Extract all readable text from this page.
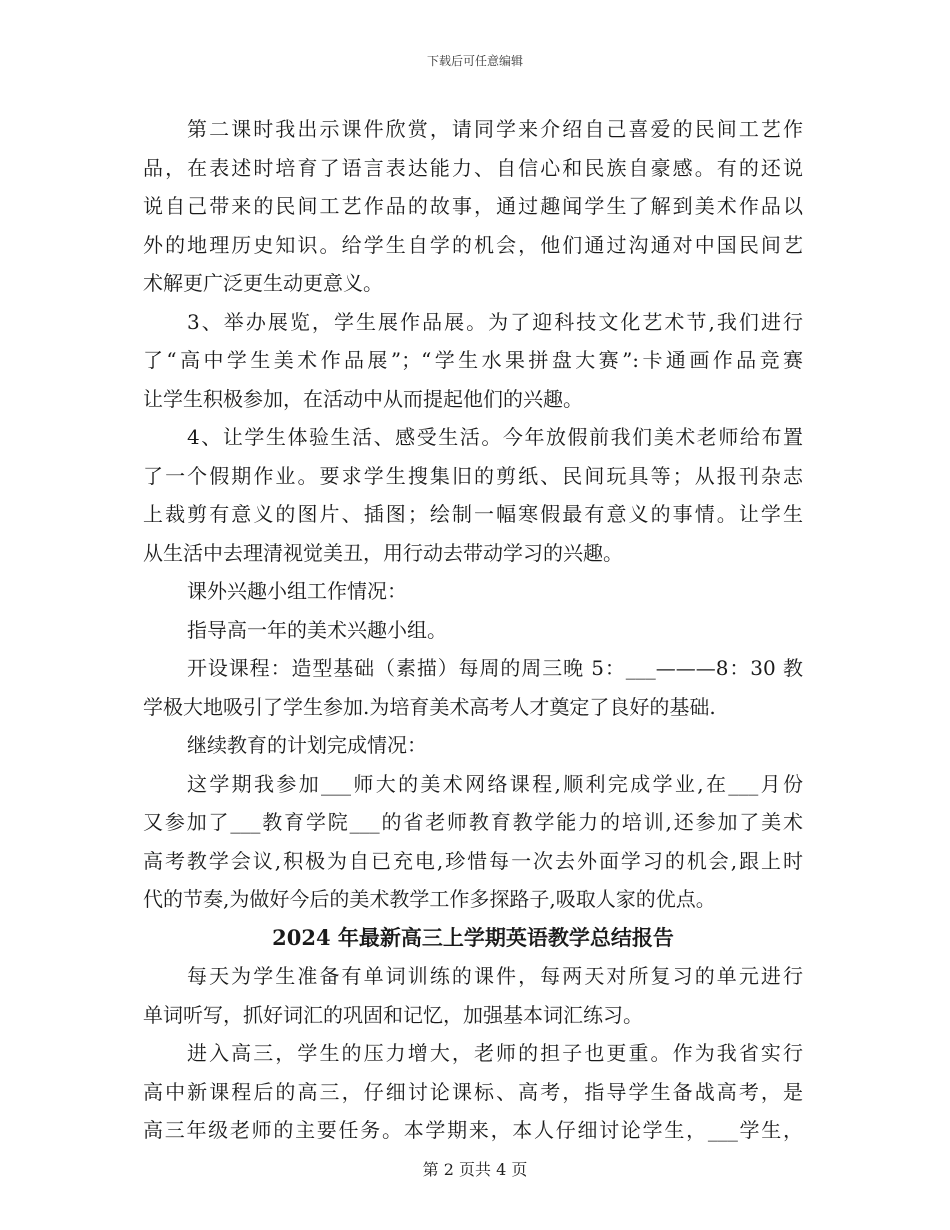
下载后可任意编辑
第二课时我出示课件欣赏，请同学来介绍自己喜爱的民间工艺作
品，在表述时培育了语言表达能力、自信心和民族自豪感。有的还说
说自己带来的民间工艺作品的故事，通过趣闻学生了解到美术作品以
外的地理历史知识。给学生自学的机会，他们通过沟通对中国民间艺
术解更广泛更生动更意义。
3、举办展览，学生展作品展。为了迎科技文化艺术节,我们进行
了“高中学生美术作品展”；“学生水果拼盘大赛”:卡通画作品竞赛
让学生积极参加，在活动中从而提起他们的兴趣。
4、让学生体验生活、感受生活。今年放假前我们美术老师给布置
了一个假期作业。要求学生搜集旧的剪纸、民间玩具等；从报刊杂志
上裁剪有意义的图片、插图；绘制一幅寒假最有意义的事情。让学生
从生活中去理清视觉美丑，用行动去带动学习的兴趣。
课外兴趣小组工作情况：
指导高一年的美术兴趣小组。
开设课程：造型基础（素描）每周的周三晚 5：___———8：30 教
学极大地吸引了学生参加.为培育美术高考人才奠定了良好的基础.
继续教育的计划完成情况：
这学期我参加___师大的美术网络课程,顺利完成学业,在___月份
又参加了___教育学院___的省老师教育教学能力的培训,还参加了美术
高考教学会议,积极为自已充电,珍惜每一次去外面学习的机会,跟上时
代的节奏,为做好今后的美术教学工作多探路子,吸取人家的优点。
2024 年最新高三上学期英语教学总结报告
每天为学生准备有单词训练的课件，每两天对所复习的单元进行
单词听写，抓好词汇的巩固和记忆，加强基本词汇练习。
进入高三，学生的压力增大，老师的担子也更重。作为我省实行
高中新课程后的高三，仔细讨论课标、高考，指导学生备战高考，是
高三年级老师的主要任务。本学期来，本人仔细讨论学生，___学生，
第 2 页共 4 页
